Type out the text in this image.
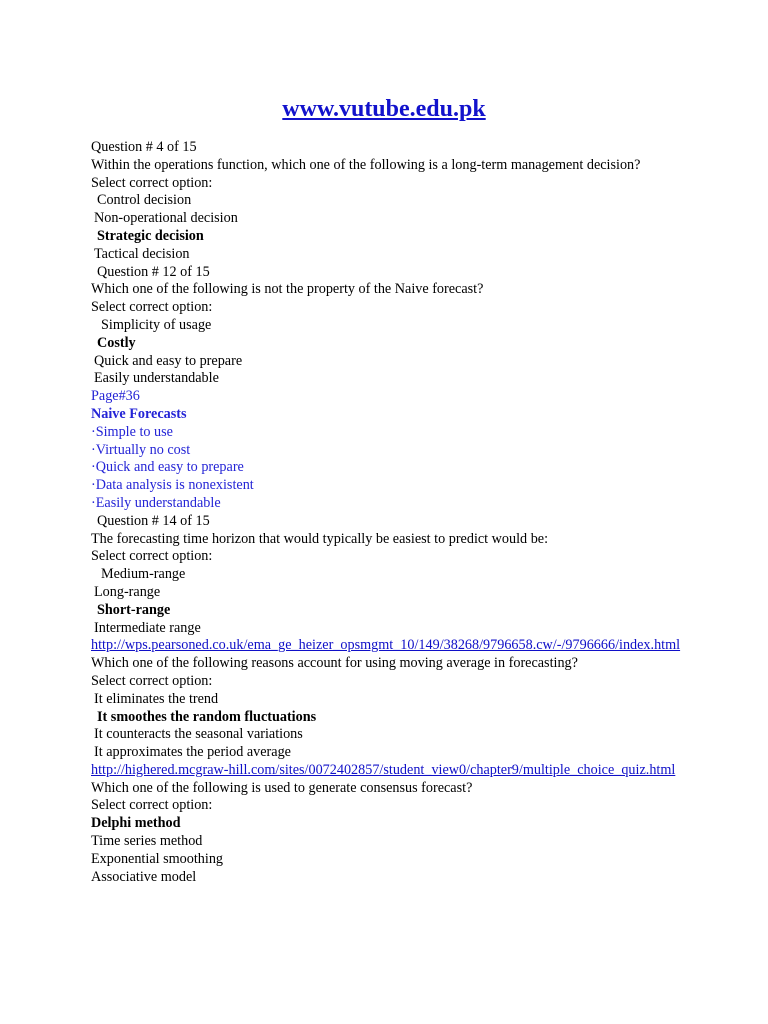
www.vutube.edu.pk
Question # 4 of 15
Within the operations function, which one of the following is a long-term management decision?
Select correct option:
Control decision
Non-operational decision
Strategic decision
Tactical decision
Question # 12 of 15
Which one of the following is not the property of the Naive forecast?
Select correct option:
Simplicity of usage
Costly
Quick and easy to prepare
Easily understandable
Page#36
Naive Forecasts
·Simple to use
·Virtually no cost
·Quick and easy to prepare
·Data analysis is nonexistent
·Easily understandable
Question # 14 of 15
The forecasting time horizon that would typically be easiest to predict would be:
Select correct option:
Medium-range
Long-range
Short-range
Intermediate range
http://wps.pearsoned.co.uk/ema_ge_heizer_opsmgmt_10/149/38268/9796658.cw/-/9796666/index.html
Which one of the following reasons account for using moving average in forecasting?
Select correct option:
It eliminates the trend
It smoothes the random fluctuations
It counteracts the seasonal variations
It approximates the period average
http://highered.mcgraw-hill.com/sites/0072402857/student_view0/chapter9/multiple_choice_quiz.html
Which one of the following is used to generate consensus forecast?
Select correct option:
Delphi method
Time series method
Exponential smoothing
Associative model
